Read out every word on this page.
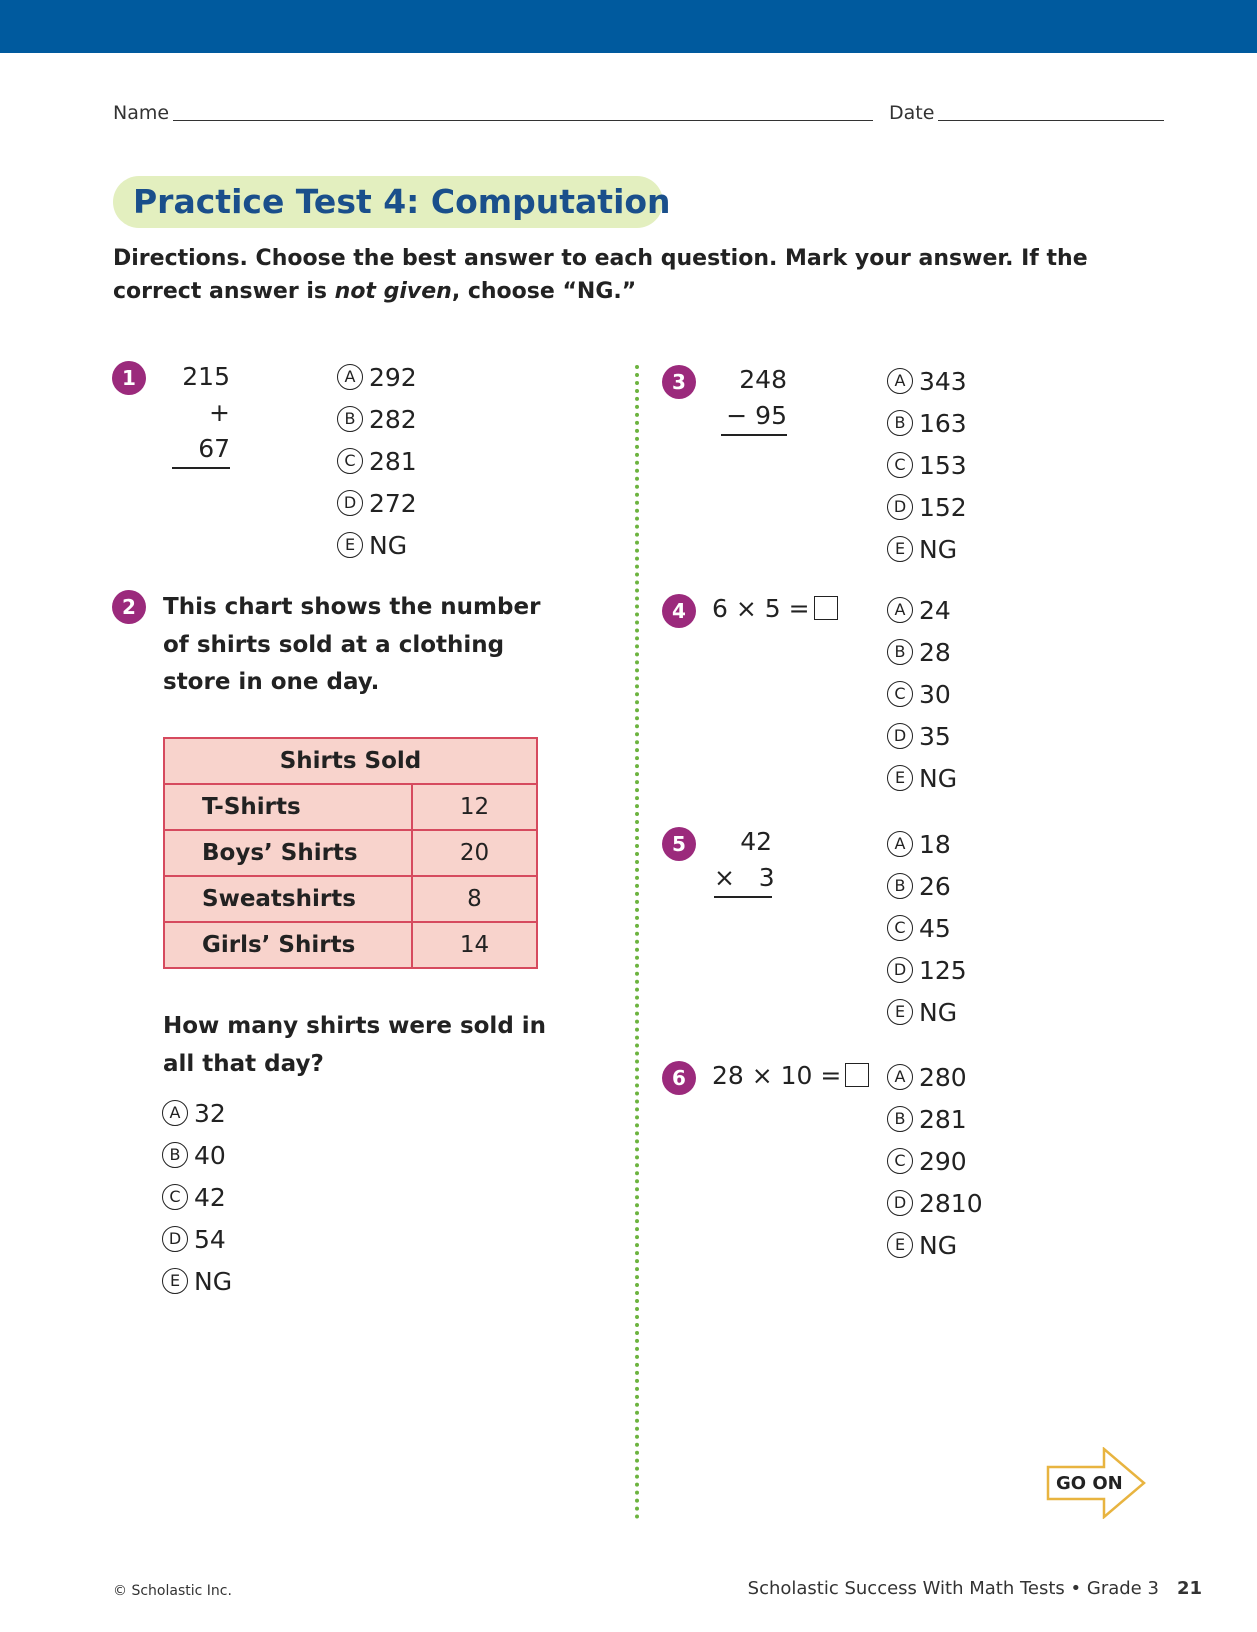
Name	Date
Practice Test 4: Computation
Directions. Choose the best answer to each question. Mark your answer. If the correct answer is not given, choose “NG.”
1	215
+ 67
A 292
B 282
C 281
D 272
E NG
2	This chart shows the number of shirts sold at a clothing store in one day.
Shirts Sold	
T-Shirts	12
Boys’ Shirts	20
Sweatshirts	8
Girls’ Shirts	14
How many shirts were sold in all that day?
A 32
B 40
C 42
D 54
E NG
3	248
− 95
A 343
B 163
C 153
D 152
E NG
4	6 × 5 =	A 24
B 28
C 30
D 35
E NG
5	42
×   3
A 18
B 26
C 45
D 125
E NG
6	28 × 10 =	A 280
B 281
C 290
D 2810
E NG
GO ON
© Scholastic Inc.	Scholastic Success With Math Tests • Grade 3 21
